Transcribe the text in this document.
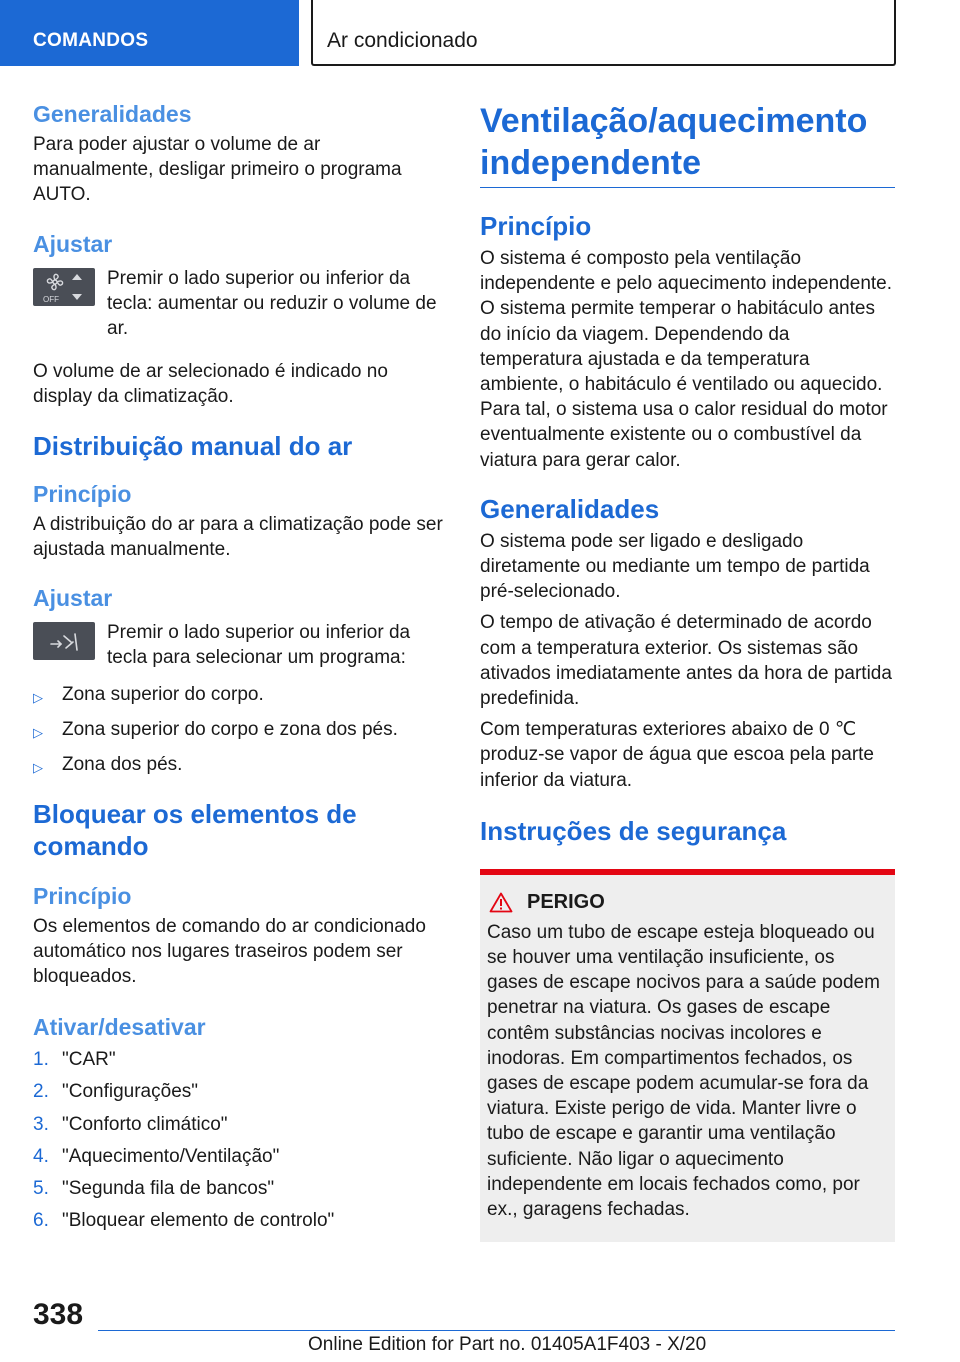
COMANDOS	Ar condicionado
Generalidades
Para poder ajustar o volume de ar manualmente, desligar primeiro o programa AUTO.
Ajustar
OFF
Premir o lado superior ou inferior da tecla: aumentar ou reduzir o volume de ar.
O volume de ar selecionado é indicado no display da climatização.
Distribuição manual do ar
Princípio
A distribuição do ar para a climatização pode ser ajustada manualmente.
Ajustar
Premir o lado superior ou inferior da tecla para selecionar um programa:
▷	Zona superior do corpo.
▷	Zona superior do corpo e zona dos pés.
▷	Zona dos pés.
Bloquear os elementos de comando
Princípio
Os elementos de comando do ar condicionado automático nos lugares traseiros podem ser bloqueados.
Ativar/desativar
1. "CAR"
2. "Configurações"
3. "Conforto climático"
4. "Aquecimento/Ventilação"
5. "Segunda fila de bancos"
6. "Bloquear elemento de controlo"
Ventilação/aquecimento independente
Princípio
O sistema é composto pela ventilação independente e pelo aquecimento independente. O sistema permite temperar o habitáculo antes do início da viagem. Dependendo da temperatura ajustada e da temperatura ambiente, o habitáculo é ventilado ou aquecido. Para tal, o sistema usa o calor residual do motor eventualmente existente ou o combustível da viatura para gerar calor.
Generalidades
O sistema pode ser ligado e desligado diretamente ou mediante um tempo de partida pré-selecionado.
O tempo de ativação é determinado de acordo com a temperatura exterior. Os sistemas são ativados imediatamente antes da hora de partida predefinida.
Com temperaturas exteriores abaixo de 0 ℃ produz-se vapor de água que escoa pela parte inferior da viatura.
Instruções de segurança
PERIGO
Caso um tubo de escape esteja bloqueado ou se houver uma ventilação insuficiente, os gases de escape nocivos para a saúde podem penetrar na viatura. Os gases de escape contêm substâncias nocivas incolores e inodoras. Em compartimentos fechados, os gases de escape podem acumular-se fora da viatura. Existe perigo de vida. Manter livre o tubo de escape e garantir uma ventilação suficiente. Não ligar o aquecimento independente em locais fechados como, por ex., garagens fechadas.
338
Online Edition for Part no. 01405A1F403 - X/20
